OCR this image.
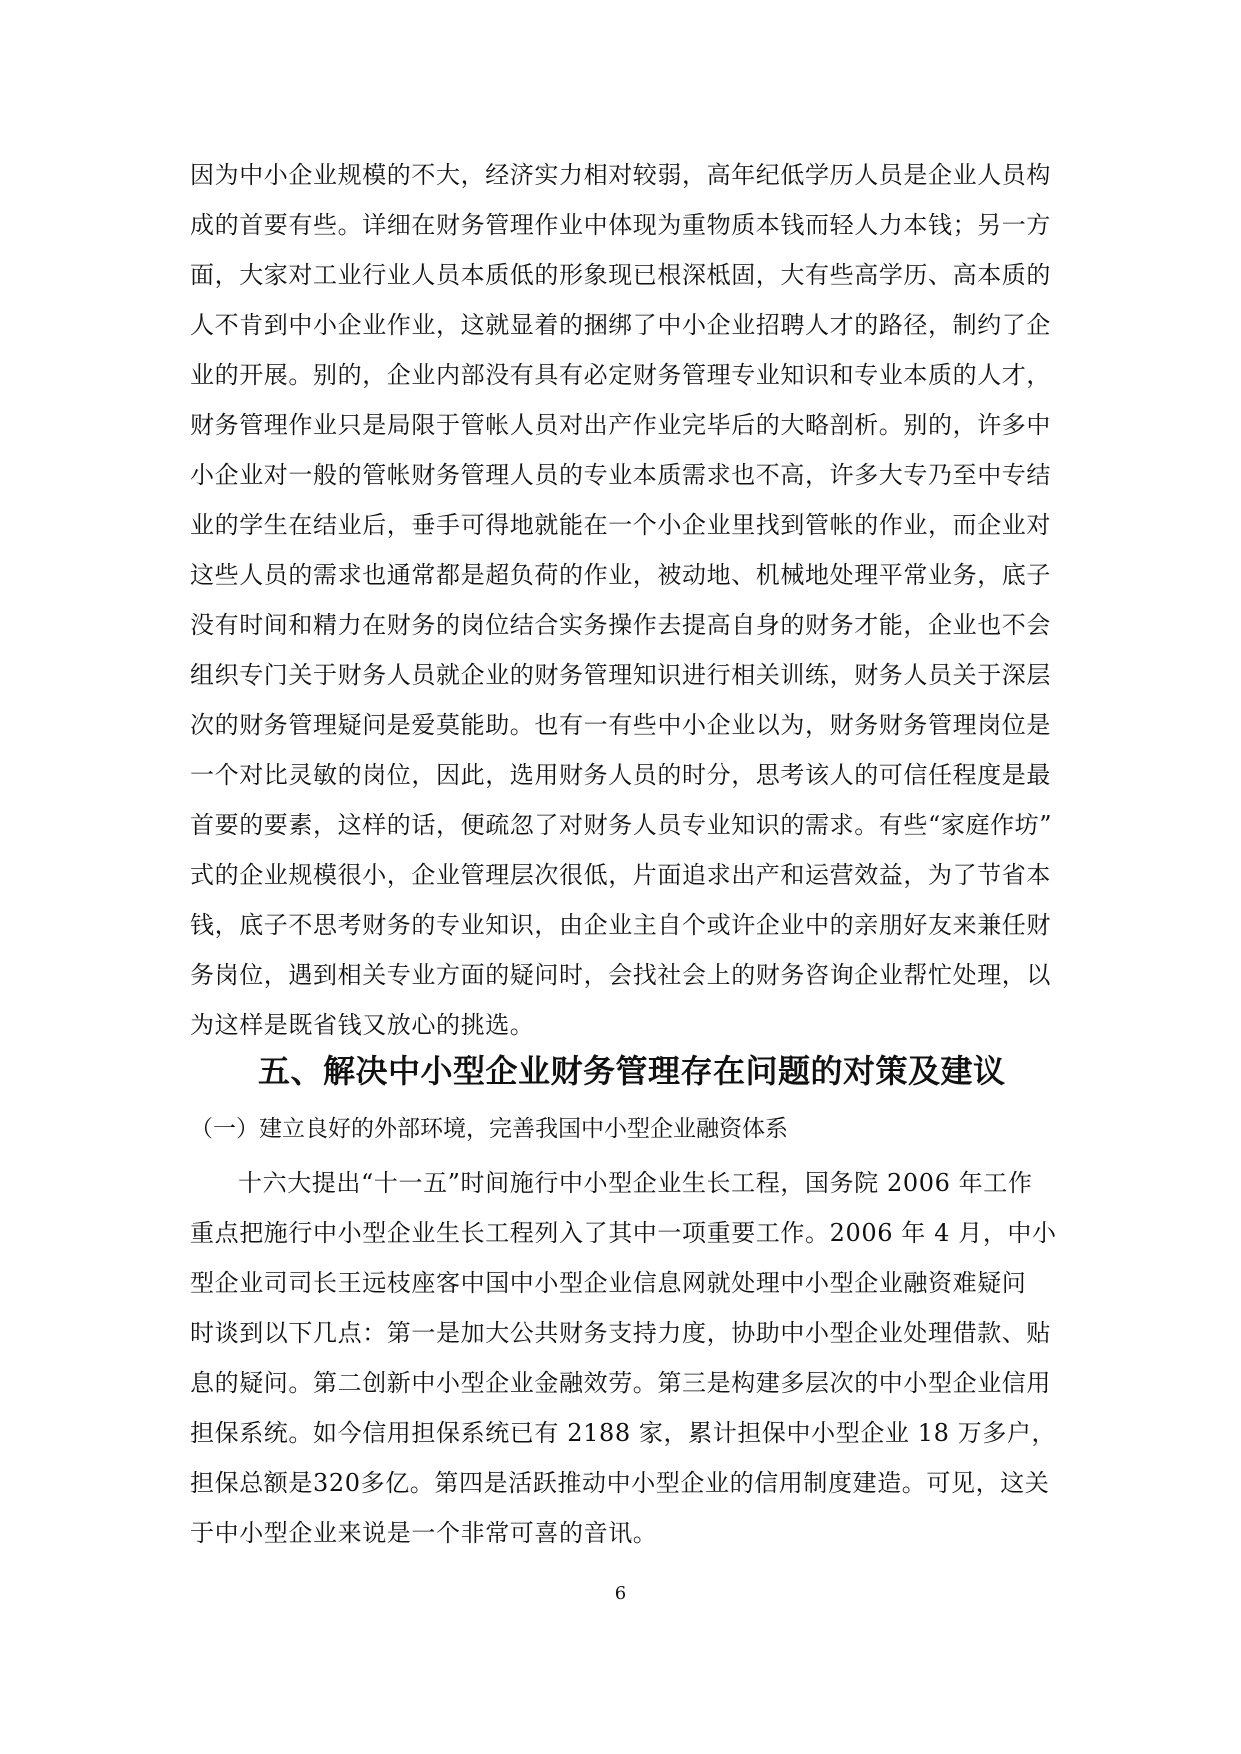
因为中小企业规模的不大，经济实力相对较弱，高年纪低学历人员是企业人员构
成的首要有些。详细在财务管理作业中体现为重物质本钱而轻人力本钱；另一方
面，大家对工业行业人员本质低的形象现已根深柢固，大有些高学历、高本质的
人不肯到中小企业作业，这就显着的捆绑了中小企业招聘人才的路径，制约了企
业的开展。别的，企业内部没有具有必定财务管理专业知识和专业本质的人才，
财务管理作业只是局限于管帐人员对出产作业完毕后的大略剖析。别的，许多中
小企业对一般的管帐财务管理人员的专业本质需求也不高，许多大专乃至中专结
业的学生在结业后，垂手可得地就能在一个小企业里找到管帐的作业，而企业对
这些人员的需求也通常都是超负荷的作业，被动地、机械地处理平常业务，底子
没有时间和精力在财务的岗位结合实务操作去提高自身的财务才能，企业也不会
组织专门关于财务人员就企业的财务管理知识进行相关训练，财务人员关于深层
次的财务管理疑问是爱莫能助。也有一有些中小企业以为，财务财务管理岗位是
一个对比灵敏的岗位，因此，选用财务人员的时分，思考该人的可信任程度是最
首要的要素，这样的话，便疏忽了对财务人员专业知识的需求。有些“家庭作坊”
式的企业规模很小，企业管理层次很低，片面追求出产和运营效益，为了节省本
钱，底子不思考财务的专业知识，由企业主自个或许企业中的亲朋好友来兼任财
务岗位，遇到相关专业方面的疑问时，会找社会上的财务咨询企业帮忙处理，以
为这样是既省钱又放心的挑选。
五、解决中小型企业财务管理存在问题的对策及建议
（一）建立良好的外部环境，完善我国中小型企业融资体系
十六大提出“十一五”时间施行中小型企业生长工程，国务院 2006 年工作
重点把施行中小型企业生长工程列入了其中一项重要工作。2006 年 4 月，中小
型企业司司长王远枝座客中国中小型企业信息网就处理中小型企业融资难疑问
时谈到以下几点：第一是加大公共财务支持力度，协助中小型企业处理借款、贴
息的疑问。第二创新中小型企业金融效劳。第三是构建多层次的中小型企业信用
担保系统。如今信用担保系统已有 2188 家，累计担保中小型企业 18 万多户，
担保总额是320多亿。第四是活跃推动中小型企业的信用制度建造。可见，这关
于中小型企业来说是一个非常可喜的音讯。
6
